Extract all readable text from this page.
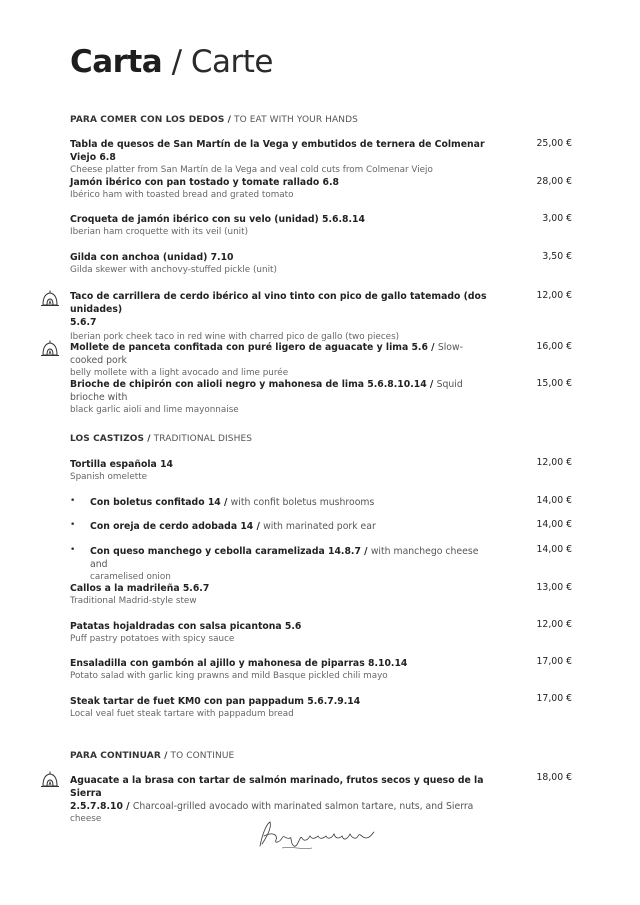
Carta / Carte
PARA COMER CON LOS DEDOS / TO EAT WITH YOUR HANDS
Tabla de quesos de San Martín de la Vega y embutidos de ternera de Colmenar Viejo 6.8
Cheese platter from San Martín de la Vega and veal cold cuts from Colmenar Viejo
25,00 €
Jamón ibérico con pan tostado y tomate rallado 6.8
Ibérico ham with toasted bread and grated tomato
28,00 €
Croqueta de jamón ibérico con su velo (unidad) 5.6.8.14
Iberian ham croquette with its veil (unit)
3,00 €
Gilda con anchoa (unidad) 7.10
Gilda skewer with anchovy-stuffed pickle (unit)
3,50 €
Taco de carrillera de cerdo ibérico al vino tinto con pico de gallo tatemado (dos unidades)
5.6.7
Iberian pork cheek taco in red wine with charred pico de gallo (two pieces)
12,00 €
Mollete de panceta confitada con puré ligero de aguacate y lima 5.6 / Slow-cooked pork
belly mollete with a light avocado and lime purée
16,00 €
Brioche de chipirón con alioli negro y mahonesa de lima 5.6.8.10.14 / Squid brioche with
black garlic aioli and lime mayonnaise
15,00 €
LOS CASTIZOS / TRADITIONAL DISHES
Tortilla española 14
Spanish omelette
12,00 €
• Con boletus confitado 14 / with confit boletus mushrooms	14,00 €
• Con oreja de cerdo adobada 14 / with marinated pork ear	14,00 €
• Con queso manchego y cebolla caramelizada 14.8.7 / with manchego cheese and
caramelised onion
14,00 €
Callos a la madrileña 5.6.7
Traditional Madrid-style stew
13,00 €
Patatas hojaldradas con salsa picantona 5.6
Puff pastry potatoes with spicy sauce
12,00 €
Ensaladilla con gambón al ajillo y mahonesa de piparras 8.10.14
Potato salad with garlic king prawns and mild Basque pickled chili mayo
17,00 €
Steak tartar de fuet KM0 con pan pappadum 5.6.7.9.14
Local veal fuet steak tartare with pappadum bread
17,00 €
PARA CONTINUAR / TO CONTINUE
Aguacate a la brasa con tartar de salmón marinado, frutos secos y queso de la Sierra
2.5.7.8.10 / Charcoal-grilled avocado with marinated salmon tartare, nuts, and Sierra
cheese
18,00 €
